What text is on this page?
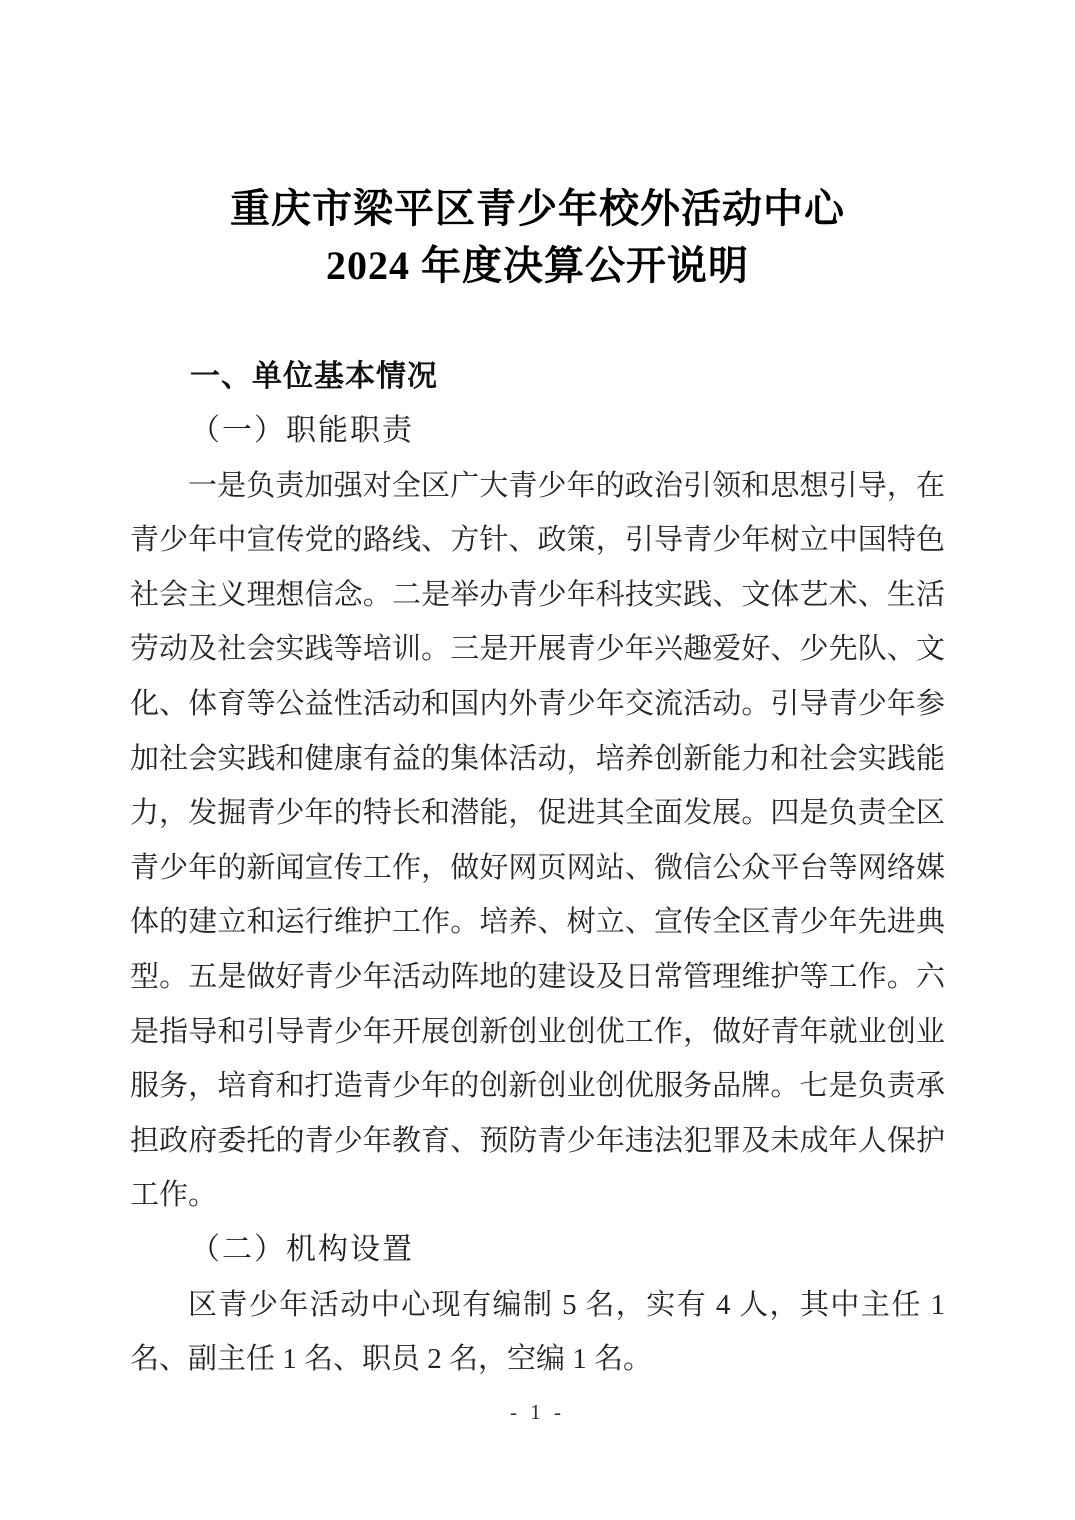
重庆市梁平区青少年校外活动中心
2024 年度决算公开说明
一、单位基本情况
（一）职能职责

一是负责加强对全区广大青少年的政治引领和思想引导，在青少年中宣传党的路线、方针、政策，引导青少年树立中国特色社会主义理想信念。二是举办青少年科技实践、文体艺术、生活劳动及社会实践等培训。三是开展青少年兴趣爱好、少先队、文化、体育等公益性活动和国内外青少年交流活动。引导青少年参加社会实践和健康有益的集体活动，培养创新能力和社会实践能力，发掘青少年的特长和潜能，促进其全面发展。四是负责全区青少年的新闻宣传工作，做好网页网站、微信公众平台等网络媒体的建立和运行维护工作。培养、树立、宣传全区青少年先进典型。五是做好青少年活动阵地的建设及日常管理维护等工作。六是指导和引导青少年开展创新创业创优工作，做好青年就业创业服务，培育和打造青少年的创新创业创优服务品牌。七是负责承担政府委托的青少年教育、预防青少年违法犯罪及未成年人保护工作。

（二）机构设置

区青少年活动中心现有编制 5 名，实有 4 人，其中主任 1 名、副主任 1 名、职员 2 名，空编 1 名。

- 1 -
